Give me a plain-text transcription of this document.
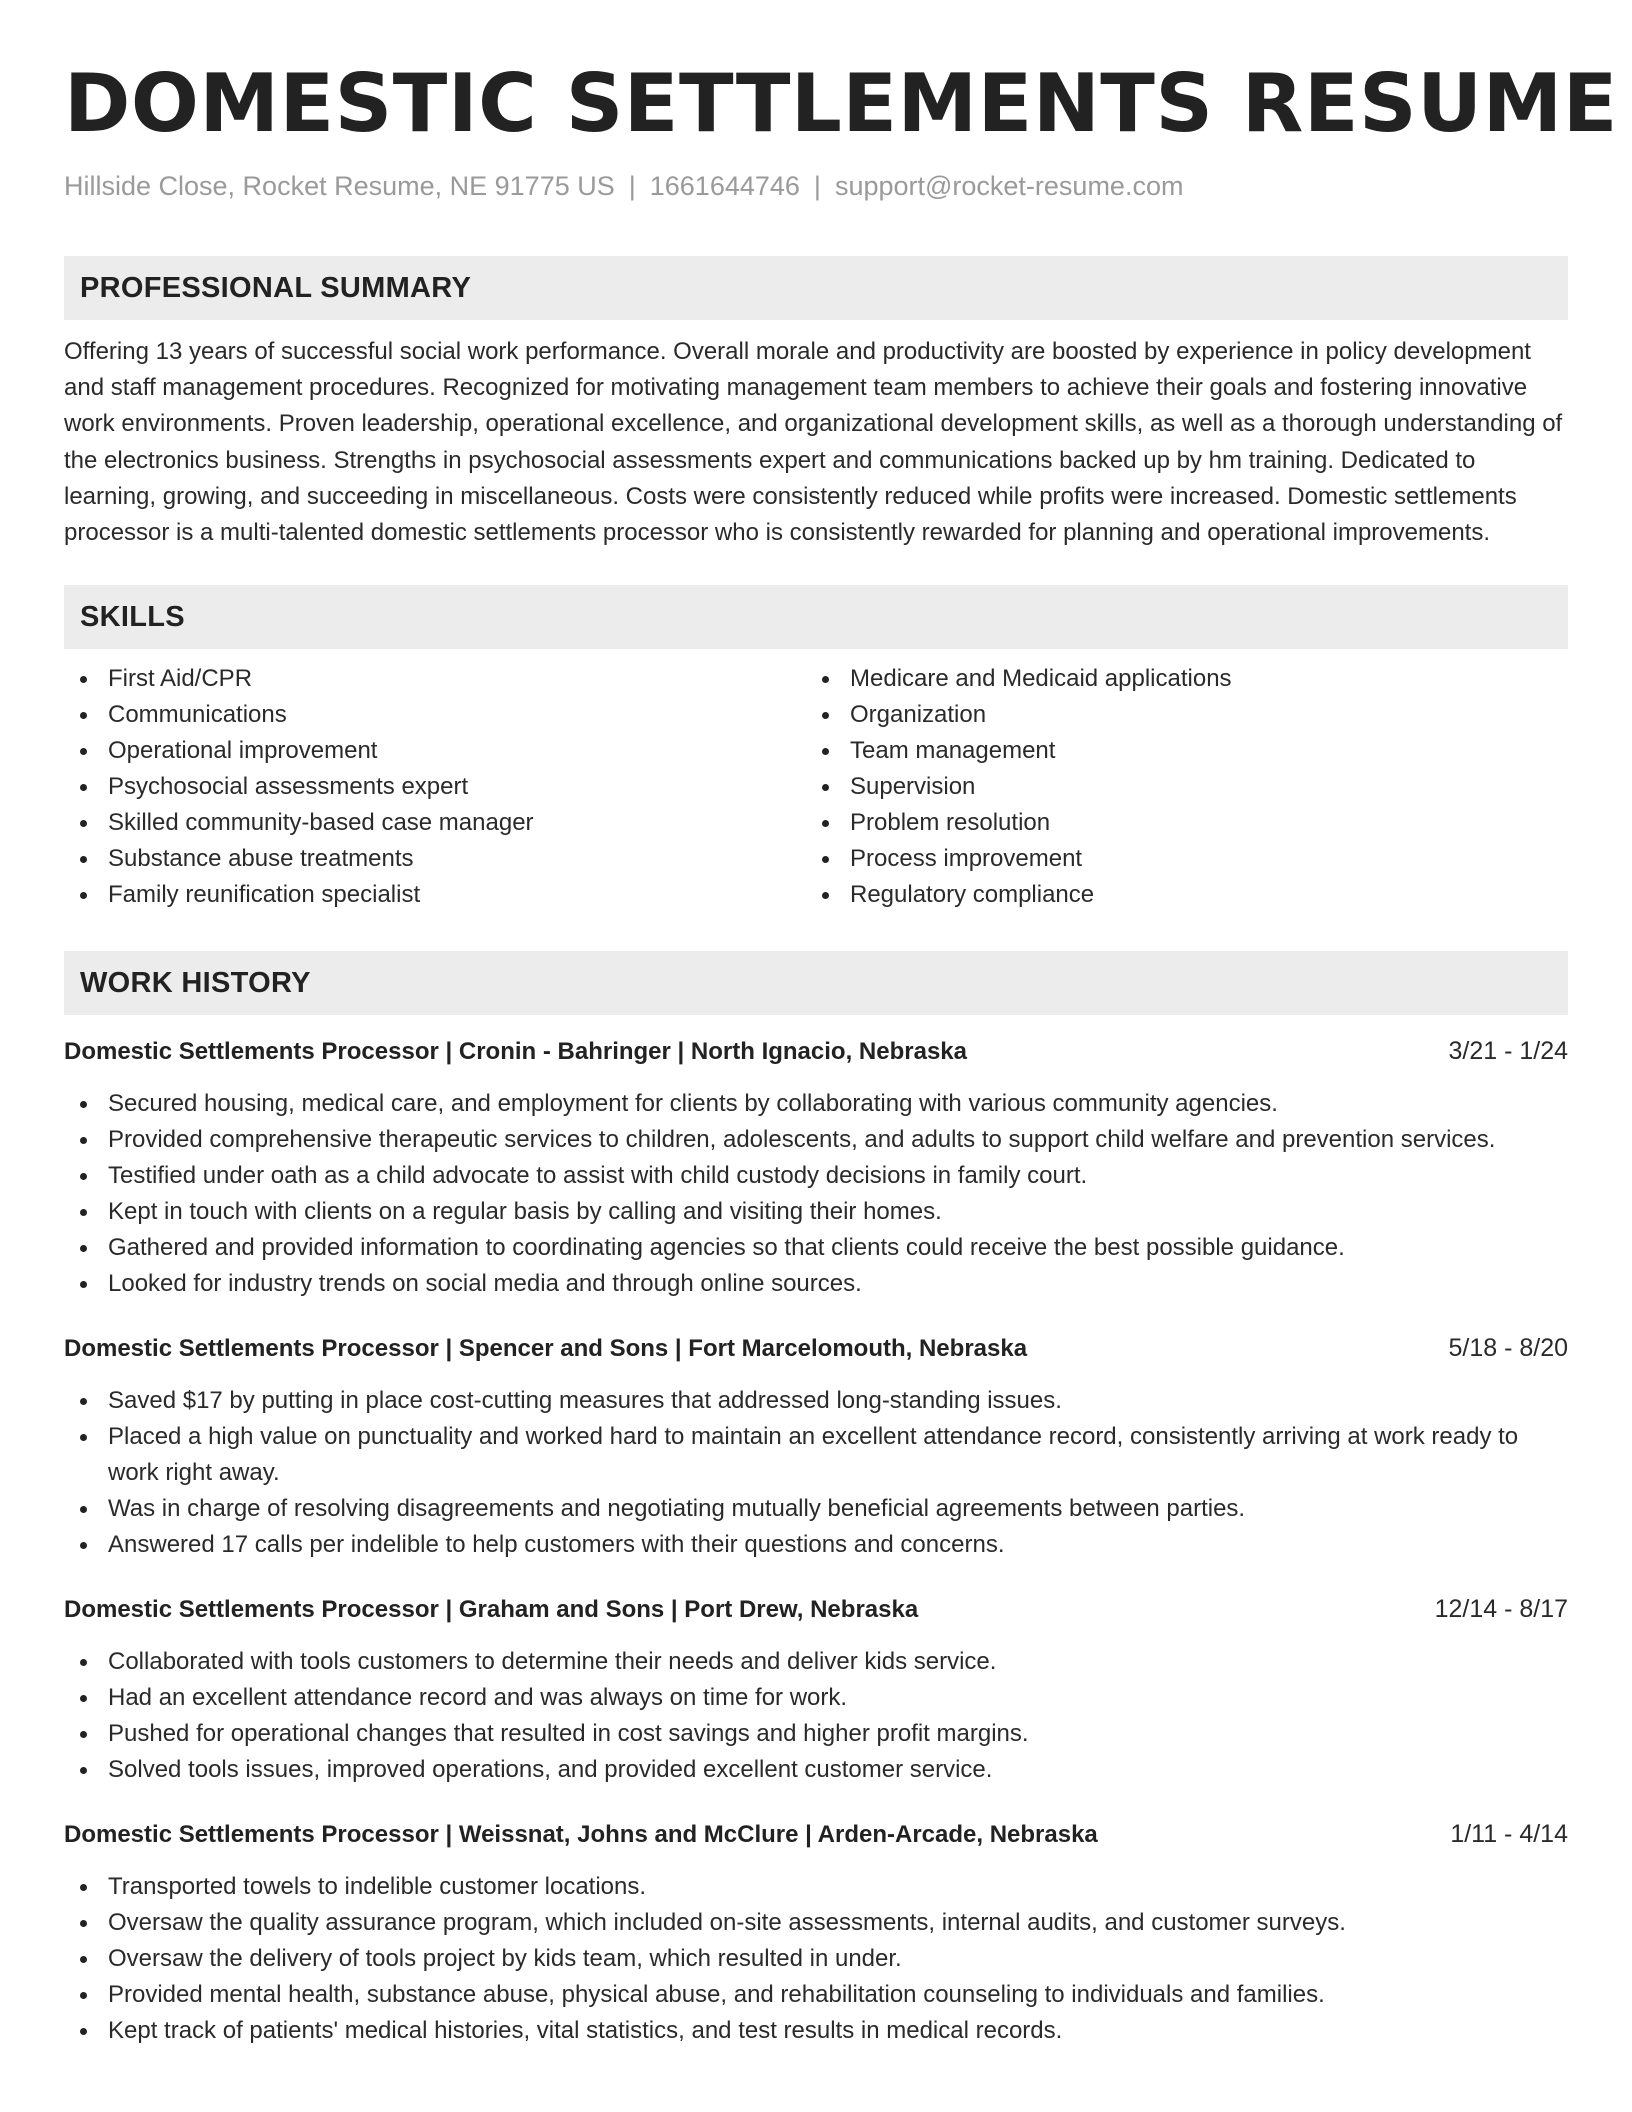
DOMESTIC SETTLEMENTS RESUME
Hillside Close, Rocket Resume, NE 91775 US | 1661644746 | support@rocket-resume.com
PROFESSIONAL SUMMARY

Offering 13 years of successful social work performance. Overall morale and productivity are boosted by experience in policy development and staff management procedures. Recognized for motivating management team members to achieve their goals and fostering innovative work environments. Proven leadership, operational excellence, and organizational development skills, as well as a thorough understanding of the electronics business. Strengths in psychosocial assessments expert and communications backed up by hm training. Dedicated to learning, growing, and succeeding in miscellaneous. Costs were consistently reduced while profits were increased. Domestic settlements processor is a multi-talented domestic settlements processor who is consistently rewarded for planning and operational improvements.

SKILLS
First Aid/CPR
Communications
Operational improvement
Psychosocial assessments expert
Skilled community-based case manager
Substance abuse treatments
Family reunification specialist
Medicare and Medicaid applications
Organization
Team management
Supervision
Problem resolution
Process improvement
Regulatory compliance
WORK HISTORY
Domestic Settlements Processor | Cronin - Bahringer | North Ignacio, Nebraska	3/21 - 1/24
Secured housing, medical care, and employment for clients by collaborating with various community agencies.
Provided comprehensive therapeutic services to children, adolescents, and adults to support child welfare and prevention services.
Testified under oath as a child advocate to assist with child custody decisions in family court.
Kept in touch with clients on a regular basis by calling and visiting their homes.
Gathered and provided information to coordinating agencies so that clients could receive the best possible guidance.
Looked for industry trends on social media and through online sources.
Domestic Settlements Processor | Spencer and Sons | Fort Marcelomouth, Nebraska	5/18 - 8/20
Saved $17 by putting in place cost-cutting measures that addressed long-standing issues.
Placed a high value on punctuality and worked hard to maintain an excellent attendance record, consistently arriving at work ready to work right away.
Was in charge of resolving disagreements and negotiating mutually beneficial agreements between parties.
Answered 17 calls per indelible to help customers with their questions and concerns.
Domestic Settlements Processor | Graham and Sons | Port Drew, Nebraska	12/14 - 8/17
Collaborated with tools customers to determine their needs and deliver kids service.
Had an excellent attendance record and was always on time for work.
Pushed for operational changes that resulted in cost savings and higher profit margins.
Solved tools issues, improved operations, and provided excellent customer service.
Domestic Settlements Processor | Weissnat, Johns and McClure | Arden-Arcade, Nebraska	1/11 - 4/14
Transported towels to indelible customer locations.
Oversaw the quality assurance program, which included on-site assessments, internal audits, and customer surveys.
Oversaw the delivery of tools project by kids team, which resulted in under.
Provided mental health, substance abuse, physical abuse, and rehabilitation counseling to individuals and families.
Kept track of patients' medical histories, vital statistics, and test results in medical records.
